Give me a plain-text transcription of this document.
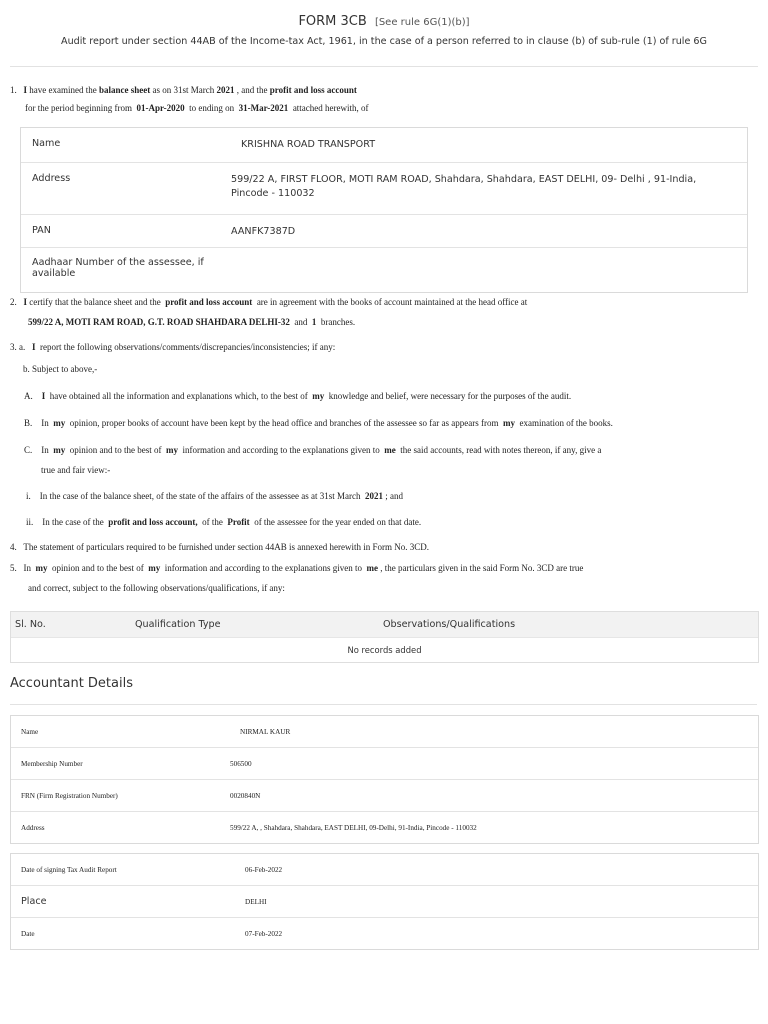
FORM 3CB [See rule 6G(1)(b)]
Audit report under section 44AB of the Income-tax Act, 1961, in the case of a person referred to in clause (b) of sub-rule (1) of rule 6G
1. I have examined the balance sheet as on 31st March 2021 , and the profit and loss account
for the period beginning from 01-Apr-2020 to ending on 31-Mar-2021 attached herewith, of
Name	KRISHNA ROAD TRANSPORT
Address	599/22 A, FIRST FLOOR, MOTI RAM ROAD, Shahdara, Shahdara, EAST DELHI, 09- Delhi , 91-India,
Pincode - 110032
PAN	AANFK7387D
Aadhaar Number of the assessee, if
available
2. I certify that the balance sheet and the profit and loss account are in agreement with the books of account maintained at the head office at
599/22 A, MOTI RAM ROAD, G.T. ROAD SHAHDARA DELHI-32 and 1 branches.
3. a. I report the following observations/comments/discrepancies/inconsistencies; if any:
b. Subject to above,-
A. I have obtained all the information and explanations which, to the best of my knowledge and belief, were necessary for the purposes of the audit.
B. In my opinion, proper books of account have been kept by the head office and branches of the assessee so far as appears from my examination of the books.
C. In my opinion and to the best of my information and according to the explanations given to me the said accounts, read with notes thereon, if any, give a
true and fair view:-
i. In the case of the balance sheet, of the state of the affairs of the assessee as at 31st March 2021 ; and
ii. In the case of the profit and loss account, of the Profit of the assessee for the year ended on that date.
4. The statement of particulars required to be furnished under section 44AB is annexed herewith in Form No. 3CD.
5. In my opinion and to the best of my information and according to the explanations given to me , the particulars given in the said Form No. 3CD are true
and correct, subject to the following observations/qualifications, if any:
Sl. No.	Qualification Type	Observations/Qualifications
No records added
Accountant Details
Name	NIRMAL KAUR
Membership Number	506500
FRN (Firm Registration Number)	0020840N
Address	599/22 A, , Shahdara, Shahdara, EAST DELHI, 09-Delhi, 91-India, Pincode - 110032
Date of signing Tax Audit Report	06-Feb-2022
Place	DELHI
Date	07-Feb-2022
